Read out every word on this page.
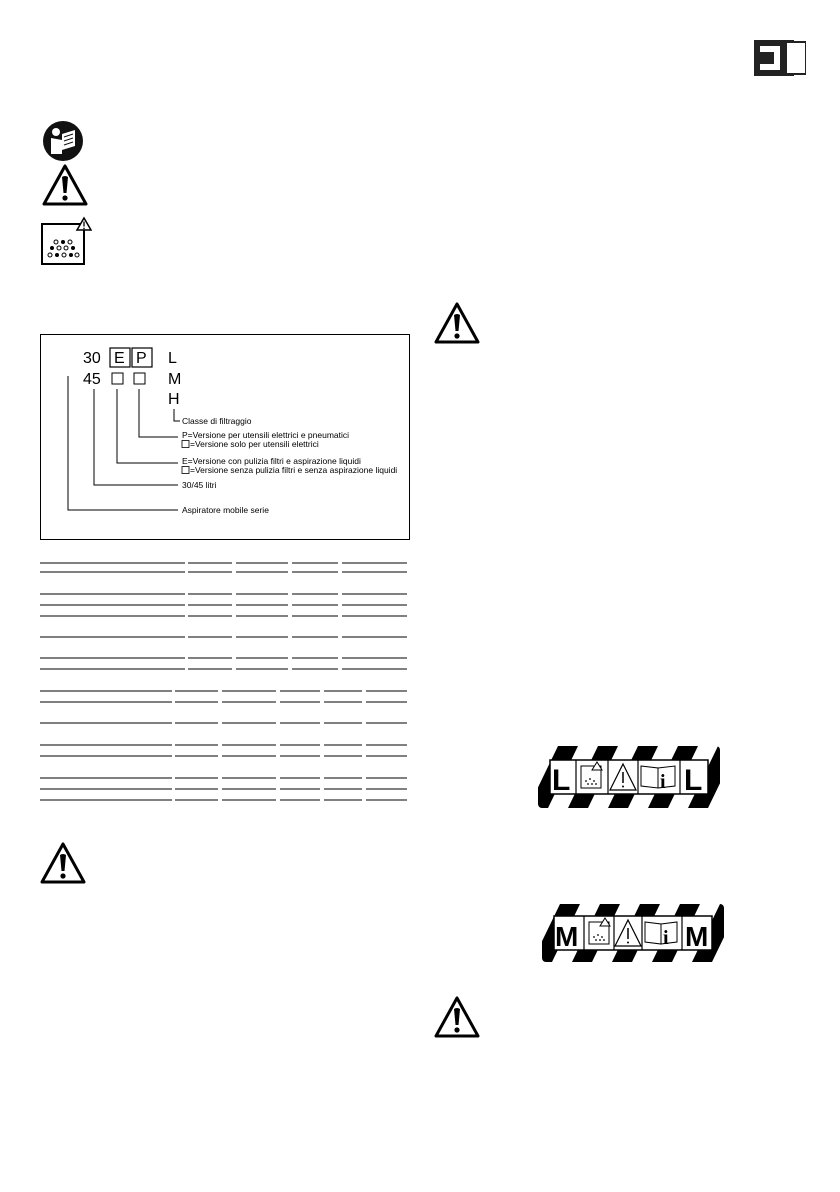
30 E P L
45	M
H
Classe di filtraggio
P=Versione per utensili elettrici e pneumatici
=Versione solo per utensili elettrici
E=Versione con pulizia filtri e aspirazione liquidi
=Versione senza pulizia filtri e senza aspirazione liquidi
30/45 litri
Aspiratore mobile serie
L	i L
M	i M
